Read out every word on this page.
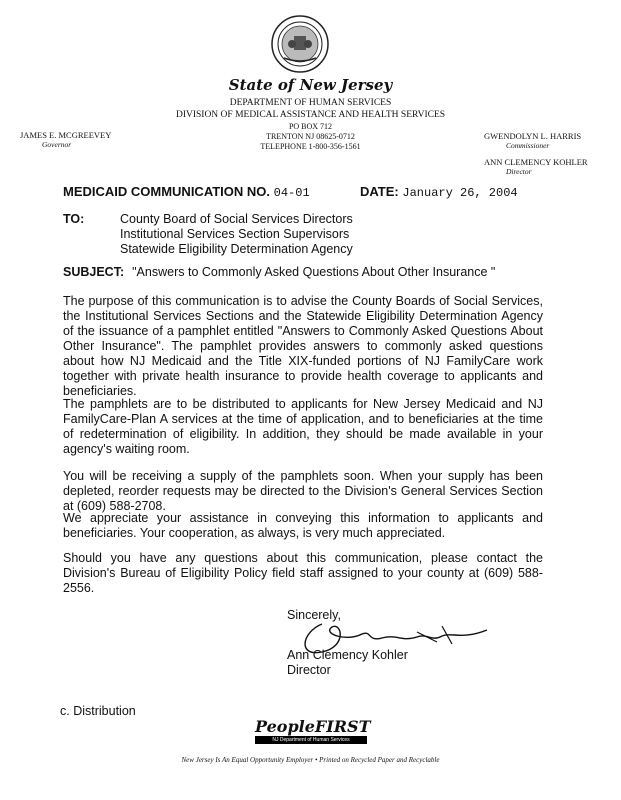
State of New Jersey
DEPARTMENT OF HUMAN SERVICES
DIVISION OF MEDICAL ASSISTANCE AND HEALTH SERVICES
PO BOX 712
TRENTON NJ 08625-0712
TELEPHONE 1-800-356-1561
JAMES E. MCGREEVEY
Governor
GWENDOLYN L. HARRIS
Commissioner
ANN CLEMENCY KOHLER
Director
MEDICAID COMMUNICATION NO. 04-01	DATE: January 26, 2004
TO:	County Board of Social Services Directors
Institutional Services Section Supervisors
Statewide Eligibility Determination Agency
SUBJECT: "Answers to Commonly Asked Questions About Other Insurance "
The purpose of this communication is to advise the County Boards of Social Services, the Institutional Services Sections and the Statewide Eligibility Determination Agency of the issuance of a pamphlet entitled "Answers to Commonly Asked Questions About Other Insurance". The pamphlet provides answers to commonly asked questions about how NJ Medicaid and the Title XIX-funded portions of NJ FamilyCare work together with private health insurance to provide health coverage to applicants and beneficiaries.
The pamphlets are to be distributed to applicants for New Jersey Medicaid and NJ FamilyCare-Plan A services at the time of application, and to beneficiaries at the time of redetermination of eligibility. In addition, they should be made available in your agency's waiting room.
You will be receiving a supply of the pamphlets soon. When your supply has been depleted, reorder requests may be directed to the Division's General Services Section at (609) 588-2708.
We appreciate your assistance in conveying this information to applicants and beneficiaries. Your cooperation, as always, is very much appreciated.
Should you have any questions about this communication, please contact the Division's Bureau of Eligibility Policy field staff assigned to your county at (609) 588-2556.
Sincerely,
Ann Clemency Kohler
Director
c. Distribution
PeopleFIRST
NJ Department of Human Services
New Jersey Is An Equal Opportunity Employer • Printed on Recycled Paper and Recyclable
